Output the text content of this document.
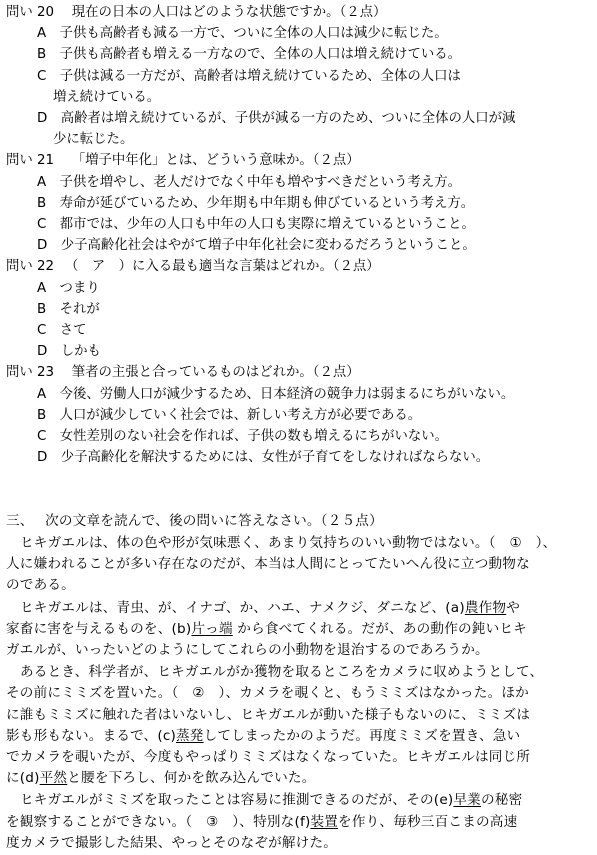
問い 20　 現在の日本の人口はどのような状態ですか。（２点）
A　子供も高齢者も減る一方で、ついに全体の人口は減少に転じた。
B　子供も高齢者も増える一方なので、全体の人口は増え続けている。
C　子供は減る一方だが、高齢者は増え続けているため、全体の人口は
増え続けている。
D　高齢者は増え続けているが、子供が減る一方のため、ついに全体の人口が減
少に転じた。
問い 21　 「増子中年化」とは、どういう意味か。（２点）
A　子供を増やし、老人だけでなく中年も増やすべきだという考え方。
B　寿命が延びているため、少年期も中年期も伸びているという考え方。
C　都市では、少年の人口も中年の人口も実際に増えているということ。
D　少子高齢化社会はやがて増子中年化社会に変わるだろうということ。
問い 22 　（　ア　）に入る最も適当な言葉はどれか。（２点）
A　つまり
B　それが
C　さて
D　しかも
問い 23　 筆者の主張と合っているものはどれか。（２点）
A　今後、労働人口が減少するため、日本経済の競争力は弱まるにちがいない。
B　人口が減少していく社会では、新しい考え方が必要である。
C　女性差別のない社会を作れば、子供の数も増えるにちがいない。
D　少子高齢化を解決するためには、女性が子育てをしなければならない。
三、　 次の文章を読んで、後の問いに答えなさい。（２５点）
ヒキガエルは、体の色や形が気味悪く、あまり気持ちのいい動物ではない。（　①　）、
人に嫌われることが多い存在なのだが、本当は人間にとってたいへん役に立つ動物な
のである。
ヒキガエルは、青虫、が、イナゴ、か、ハエ、ナメクジ、ダニなど、(a)農作物や
家畜に害を与えるものを、(b)片っ端 から食べてくれる。だが、あの動作の鈍いヒキ
ガエルが、いったいどのようにしてこれらの小動物を退治するのであろうか。
あるとき、科学者が、ヒキガエルがか獲物を取るところをカメラに収めようとして、
その前にミミズを置いた。（　②　）、カメラを覗くと、もうミミズはなかった。ほか
に誰もミミズに触れた者はいないし、ヒキガエルが動いた様子もないのに、ミミズは
影も形もない。まるで、(c)蒸発してしまったかのようだ。再度ミミズを置き、急い
でカメラを覗いたが、今度もやっぱりミミズはなくなっていた。ヒキガエルは同じ所
に(d)平然と腰を下ろし、何かを飲み込んでいた。
ヒキガエルがミミズを取ったことは容易に推測できるのだが、その(e)早業の秘密
を観察することができない。（　③　）、特別な(f)装置を作り、毎秒三百こまの高速
度カメラで撮影した結果、やっとそのなぞが解けた。
